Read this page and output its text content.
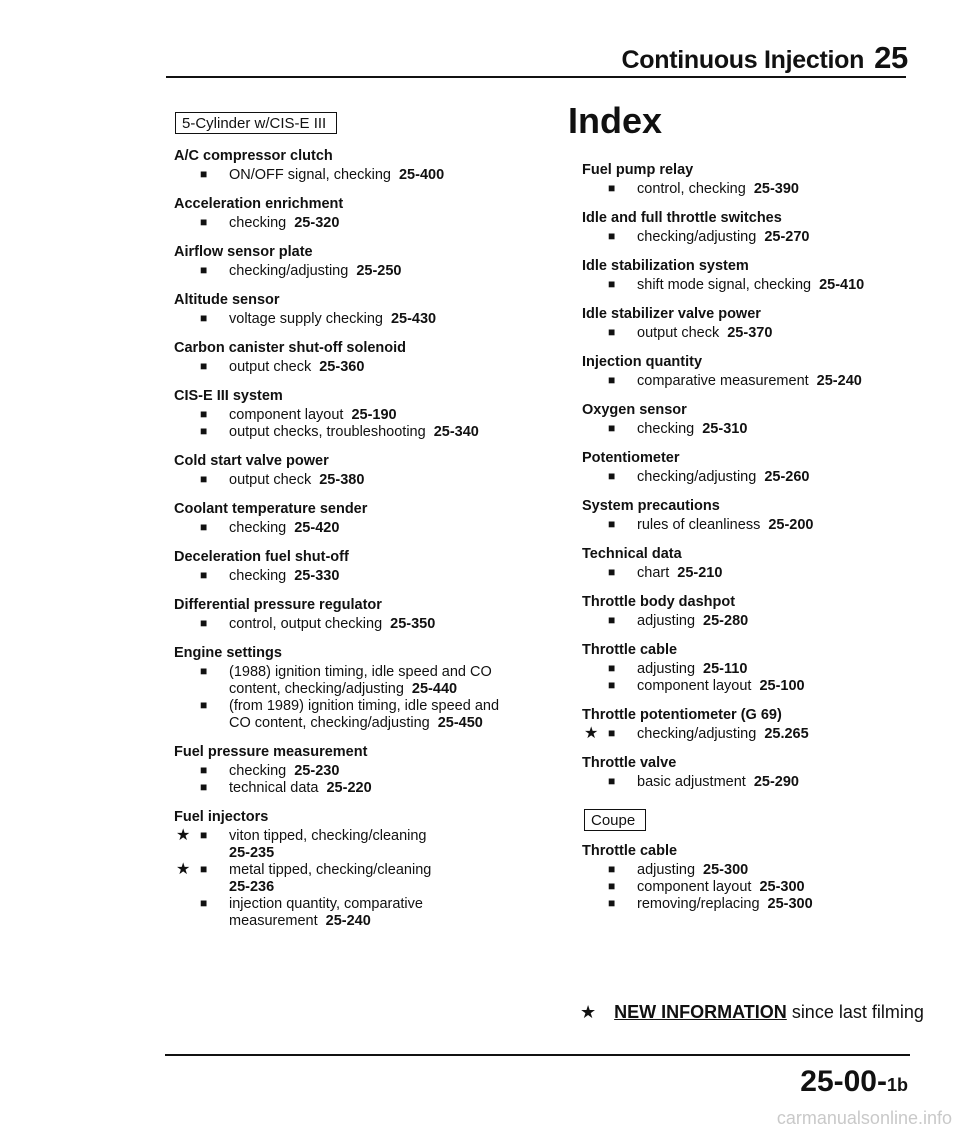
Continuous Injection 25
5-Cylinder w/CIS-E III	Index
A/C compressor clutch
■ ON/OFF signal, checking 25-400
Acceleration enrichment
■ checking 25-320
Airflow sensor plate
■ checking/adjusting 25-250
Altitude sensor
■ voltage supply checking 25-430
Carbon canister shut-off solenoid
■ output check 25-360
CIS-E III system
■ component layout 25-190
■ output checks, troubleshooting 25-340
Cold start valve power
■ output check 25-380
Coolant temperature sender
■ checking 25-420
Deceleration fuel shut-off
■ checking 25-330
Differential pressure regulator
■ control, output checking 25-350
Engine settings
■ (1988) ignition timing, idle speed and CO content, checking/adjusting 25-440
■ (from 1989) ignition timing, idle speed and CO content, checking/adjusting 25-450
Fuel pressure measurement
■ checking 25-230
■ technical data 25-220
Fuel injectors
★ ■ viton tipped, checking/cleaning
25-235
★ ■ metal tipped, checking/cleaning
25-236
■ injection quantity, comparative measurement 25-240
Fuel pump relay
■ control, checking 25-390
Idle and full throttle switches
■ checking/adjusting 25-270
Idle stabilization system
■ shift mode signal, checking 25-410
Idle stabilizer valve power
■ output check 25-370
Injection quantity
■ comparative measurement 25-240
Oxygen sensor
■ checking 25-310
Potentiometer
■ checking/adjusting 25-260
System precautions
■ rules of cleanliness 25-200
Technical data
■ chart 25-210
Throttle body dashpot
■ adjusting 25-280
Throttle cable
■ adjusting 25-110
■ component layout 25-100
Throttle potentiometer (G 69)
★ ■ checking/adjusting 25.265
Throttle valve
■ basic adjustment 25-290
Coupe
Throttle cable
■ adjusting 25-300
■ component layout 25-300
■ removing/replacing 25-300
★ NEW INFORMATION since last filming
25-00-1b
carmanualsonline.info
